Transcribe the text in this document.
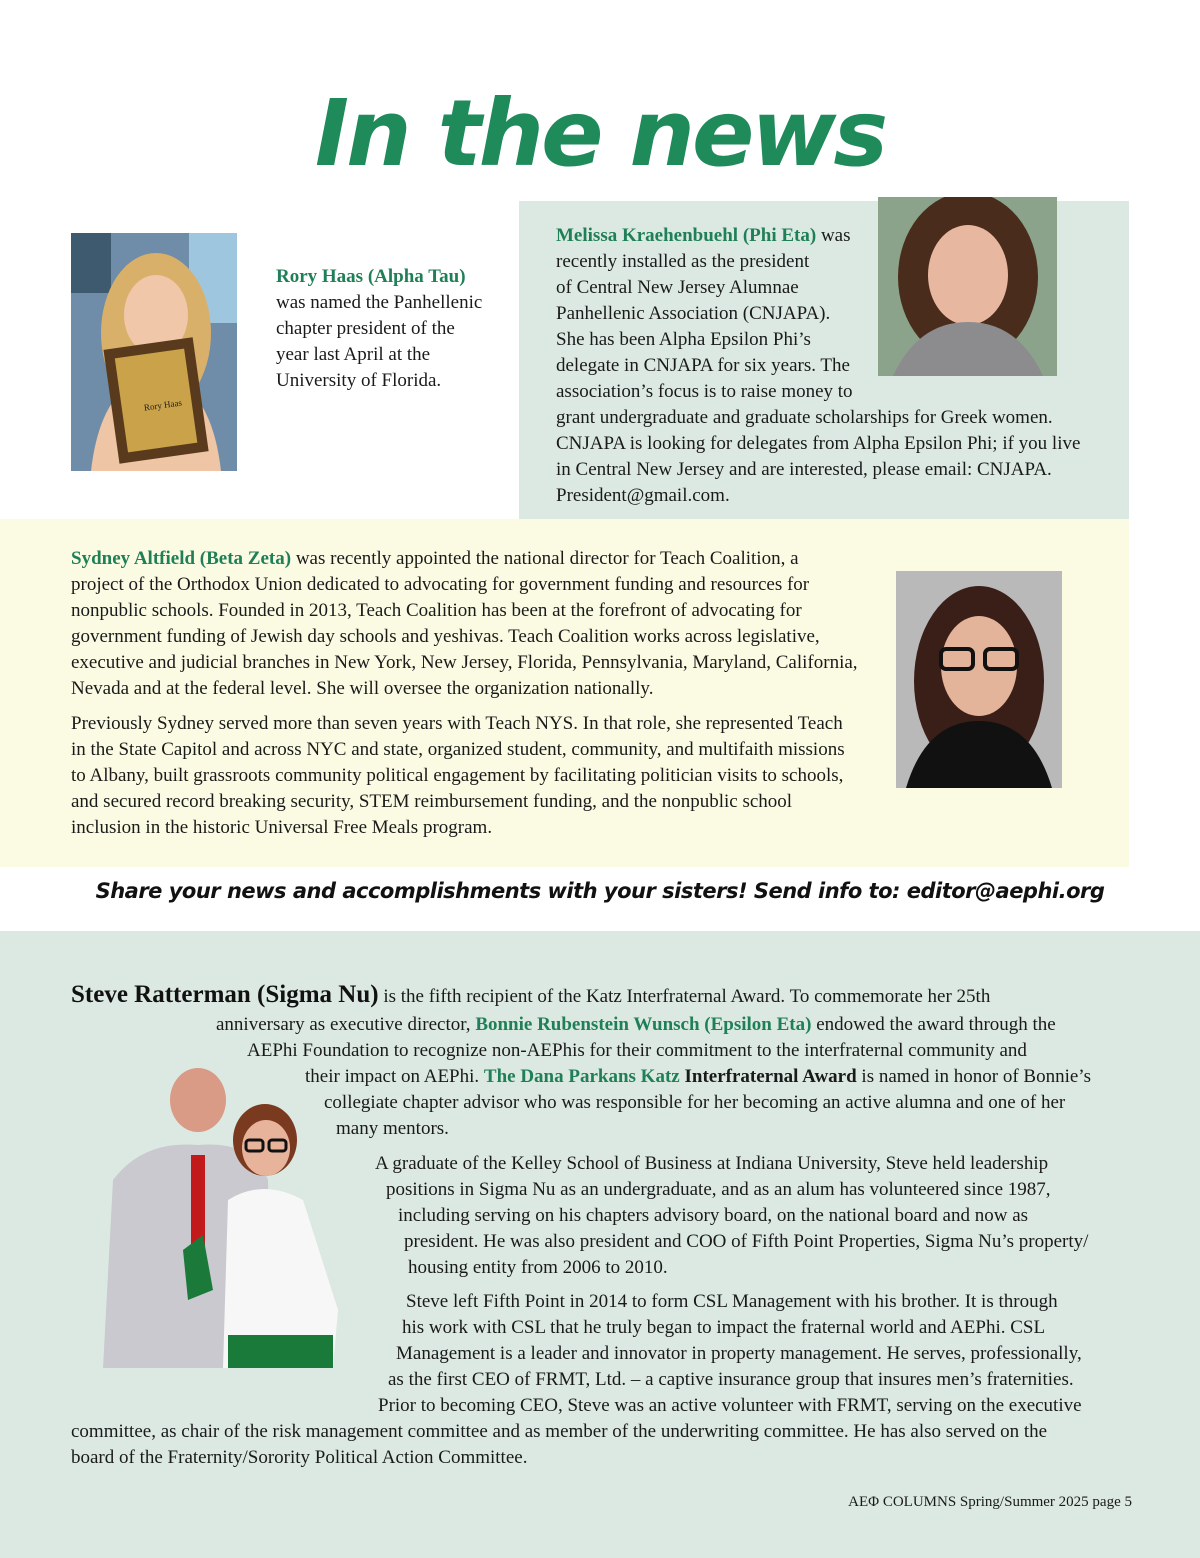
In the news
Rory Haas
Rory Haas (Alpha Tau)
was named the Panhellenic
chapter president of the
year last April at the
University of Florida.
Melissa Kraehenbuehl (Phi Eta) was
recently installed as the president
of Central New Jersey Alumnae
Panhellenic Association (CNJAPA).
She has been Alpha Epsilon Phi’s
delegate in CNJAPA for six years. The
association’s focus is to raise money to
grant undergraduate and graduate scholarships for Greek women.
CNJAPA is looking for delegates from Alpha Epsilon Phi; if you live
in Central New Jersey and are interested, please email: CNJAPA.
President@gmail.com.
Sydney Altfield (Beta Zeta) was recently appointed the national director for Teach Coalition, a
project of the Orthodox Union dedicated to advocating for government funding and resources for
nonpublic schools. Founded in 2013, Teach Coalition has been at the forefront of advocating for
government funding of Jewish day schools and yeshivas. Teach Coalition works across legislative,
executive and judicial branches in New York, New Jersey, Florida, Pennsylvania, Maryland, California,
Nevada and at the federal level. She will oversee the organization nationally.
Previously Sydney served more than seven years with Teach NYS. In that role, she represented Teach
in the State Capitol and across NYC and state, organized student, community, and multifaith missions
to Albany, built grassroots community political engagement by facilitating politician visits to schools,
and secured record breaking security, STEM reimbursement funding, and the nonpublic school
inclusion in the historic Universal Free Meals program.
Share your news and accomplishments with your sisters! Send info to: editor@aephi.org
Steve Ratterman (Sigma Nu) is the fifth recipient of the Katz Interfraternal Award. To commemorate her 25th
anniversary as executive director, Bonnie Rubenstein Wunsch (Epsilon Eta) endowed the award through the
AEPhi Foundation to recognize non-AEPhis for their commitment to the interfraternal community and
their impact on AEPhi. The Dana Parkans Katz Interfraternal Award is named in honor of Bonnie’s
collegiate chapter advisor who was responsible for her becoming an active alumna and one of her
many mentors.
A graduate of the Kelley School of Business at Indiana University, Steve held leadership
positions in Sigma Nu as an undergraduate, and as an alum has volunteered since 1987,
including serving on his chapters advisory board, on the national board and now as
president. He was also president and COO of Fifth Point Properties, Sigma Nu’s property/
housing entity from 2006 to 2010.
Steve left Fifth Point in 2014 to form CSL Management with his brother. It is through
his work with CSL that he truly began to impact the fraternal world and AEPhi. CSL
Management is a leader and innovator in property management. He serves, professionally,
as the first CEO of FRMT, Ltd. – a captive insurance group that insures men’s fraternities.
Prior to becoming CEO, Steve was an active volunteer with FRMT, serving on the executive
committee, as chair of the risk management committee and as member of the underwriting committee. He has also served on the
board of the Fraternity/Sorority Political Action Committee.
ΑΕΦ COLUMNS Spring/Summer 2025 page 5
